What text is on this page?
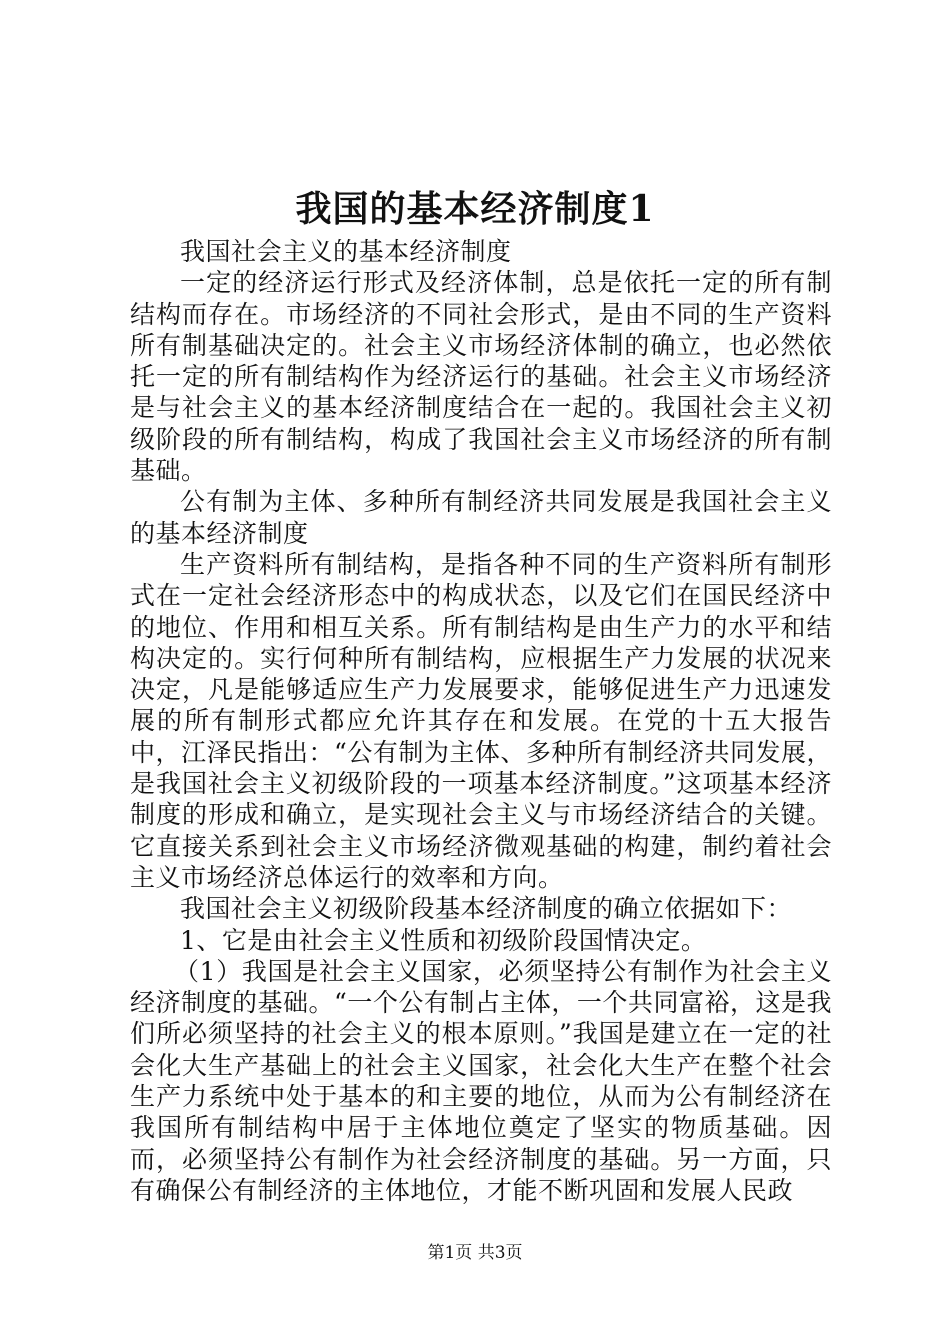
我国的基本经济制度1

我国社会主义的基本经济制度

一定的经济运行形式及经济体制，总是依托一定的所有制结构而存在。市场经济的不同社会形式，是由不同的生产资料所有制基础决定的。社会主义市场经济体制的确立，也必然依托一定的所有制结构作为经济运行的基础。社会主义市场经济是与社会主义的基本经济制度结合在一起的。我国社会主义初级阶段的所有制结构，构成了我国社会主义市场经济的所有制基础。

公有制为主体、多种所有制经济共同发展是我国社会主义的基本经济制度

生产资料所有制结构，是指各种不同的生产资料所有制形式在一定社会经济形态中的构成状态，以及它们在国民经济中的地位、作用和相互关系。所有制结构是由生产力的水平和结构决定的。实行何种所有制结构，应根据生产力发展的状况来决定，凡是能够适应生产力发展要求，能够促进生产力迅速发展的所有制形式都应允许其存在和发展。在党的十五大报告中，江泽民指出：“公有制为主体、多种所有制经济共同发展，是我国社会主义初级阶段的一项基本经济制度。”这项基本经济制度的形成和确立，是实现社会主义与市场经济结合的关键。它直接关系到社会主义市场经济微观基础的构建，制约着社会主义市场经济总体运行的效率和方向。

我国社会主义初级阶段基本经济制度的确立依据如下：

1、它是由社会主义性质和初级阶段国情决定。

（1）我国是社会主义国家，必须坚持公有制作为社会主义经济制度的基础。“一个公有制占主体，一个共同富裕，这是我们所必须坚持的社会主义的根本原则。”我国是建立在一定的社会化大生产基础上的社会主义国家，社会化大生产在整个社会生产力系统中处于基本的和主要的地位，从而为公有制经济在我国所有制结构中居于主体地位奠定了坚实的物质基础。因而，必须坚持公有制作为社会经济制度的基础。另一方面，只有确保公有制经济的主体地位，才能不断巩固和发展人民政

第1页 共3页
